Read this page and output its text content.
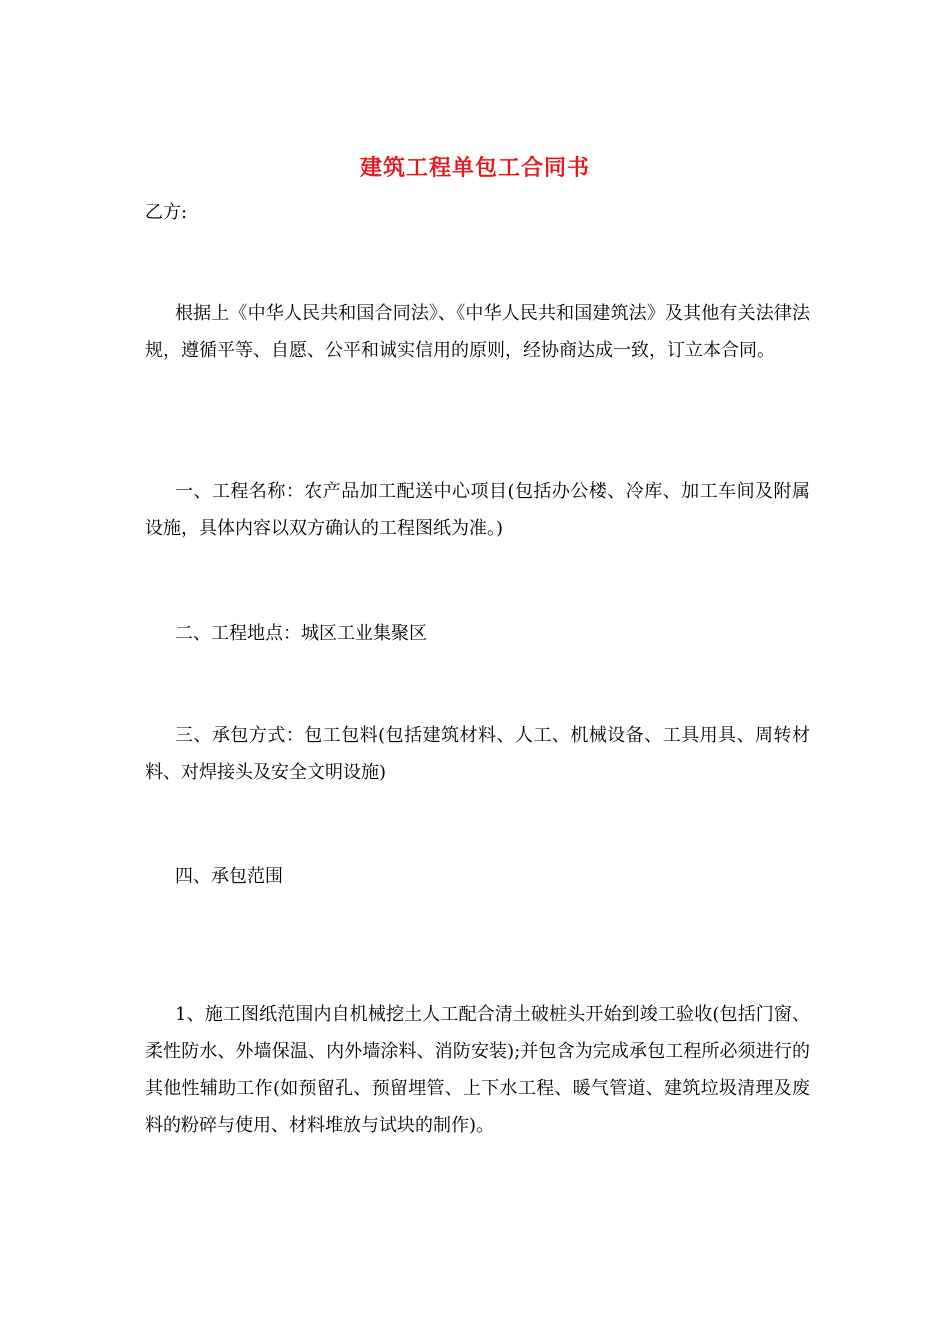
建筑工程单包工合同书
乙方:

根据上《中华人民共和国合同法》、《中华人民共和国建筑法》及其他有关法律法规，遵循平等、自愿、公平和诚实信用的原则，经协商达成一致，订立本合同。

一、工程名称：农产品加工配送中心项目(包括办公楼、冷库、加工车间及附属设施，具体内容以双方确认的工程图纸为准。)

二、工程地点：城区工业集聚区

三、承包方式：包工包料(包括建筑材料、人工、机械设备、工具用具、周转材料、对焊接头及安全文明设施)

四、承包范围

1、施工图纸范围内自机械挖土人工配合清土破桩头开始到竣工验收(包括门窗、柔性防水、外墙保温、内外墙涂料、消防安装);并包含为完成承包工程所必须进行的其他性辅助工作(如预留孔、预留埋管、上下水工程、暖气管道、建筑垃圾清理及废料的粉碎与使用、材料堆放与试块的制作)。
